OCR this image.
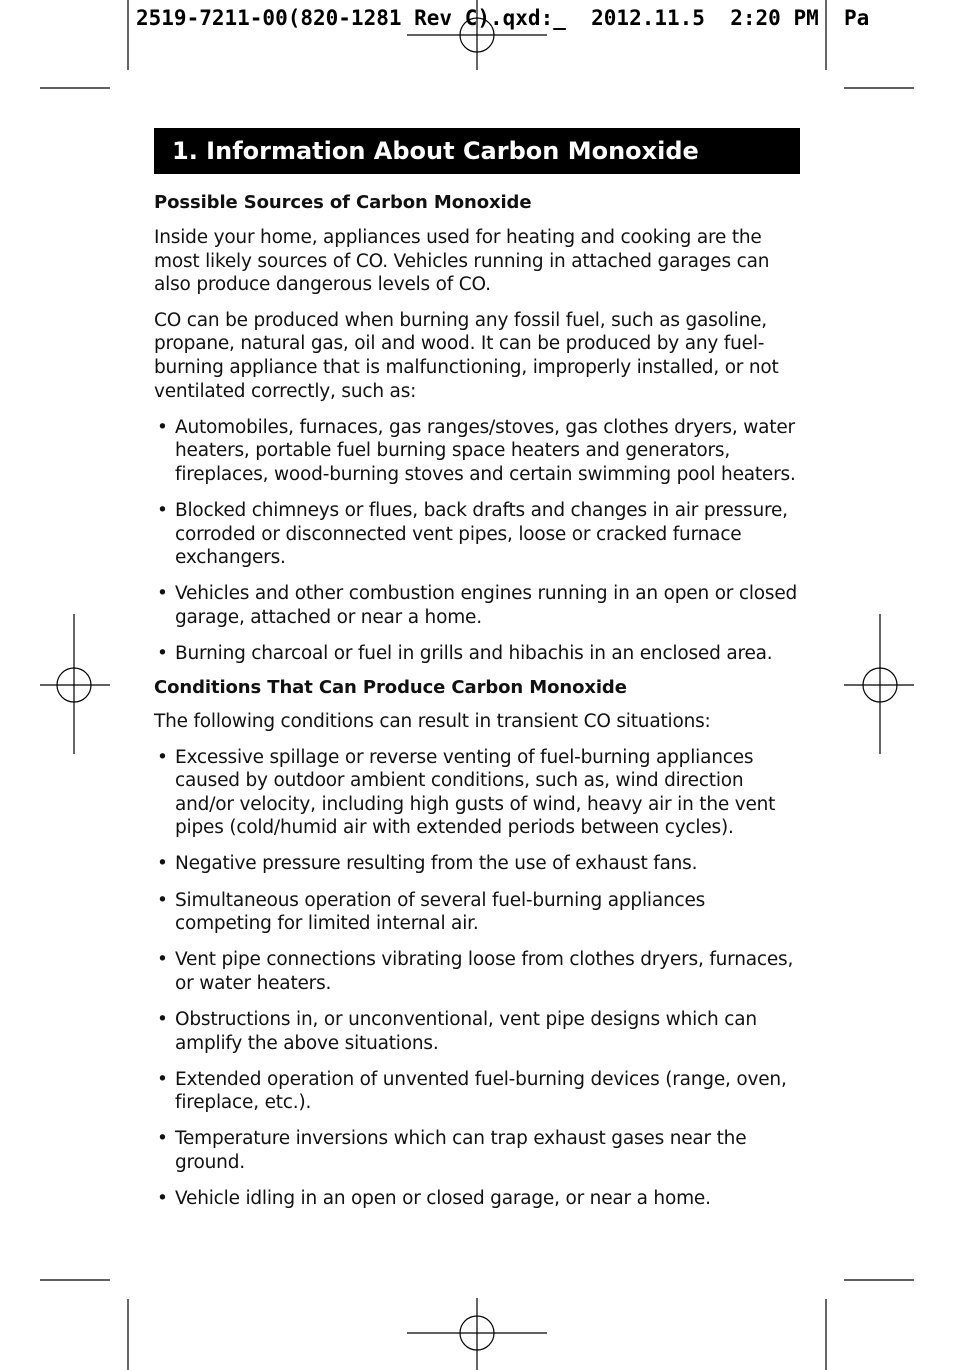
2519-7211-00(820-1281 Rev C).qxd:_  2012.11.5  2:20 PM  Pa
1. Information About Carbon Monoxide
Possible Sources of Carbon Monoxide

Inside your home, appliances used for heating and cooking are the most likely sources of CO. Vehicles running in attached garages can also produce dangerous levels of CO.

CO can be produced when burning any fossil fuel, such as gasoline, propane, natural gas, oil and wood. It can be produced by any fuel-burning appliance that is malfunctioning, improperly installed, or not ventilated correctly, such as:

• Automobiles, furnaces, gas ranges/stoves, gas clothes dryers, water heaters, portable fuel burning space heaters and generators, fireplaces, wood-burning stoves and certain swimming pool heaters.
• Blocked chimneys or flues, back drafts and changes in air pressure, corroded or disconnected vent pipes, loose or cracked furnace exchangers.
• Vehicles and other combustion engines running in an open or closed garage, attached or near a home.
• Burning charcoal or fuel in grills and hibachis in an enclosed area.
Conditions That Can Produce Carbon Monoxide

The following conditions can result in transient CO situations:

• Excessive spillage or reverse venting of fuel-burning appliances caused by outdoor ambient conditions, such as, wind direction and/or velocity, including high gusts of wind, heavy air in the vent pipes (cold/humid air with extended periods between cycles).
• Negative pressure resulting from the use of exhaust fans.
• Simultaneous operation of several fuel-burning appliances competing for limited internal air.
• Vent pipe connections vibrating loose from clothes dryers, furnaces, or water heaters.
• Obstructions in, or unconventional, vent pipe designs which can amplify the above situations.
• Extended operation of unvented fuel-burning devices (range, oven, fireplace, etc.).
• Temperature inversions which can trap exhaust gases near the ground.
• Vehicle idling in an open or closed garage, or near a home.
